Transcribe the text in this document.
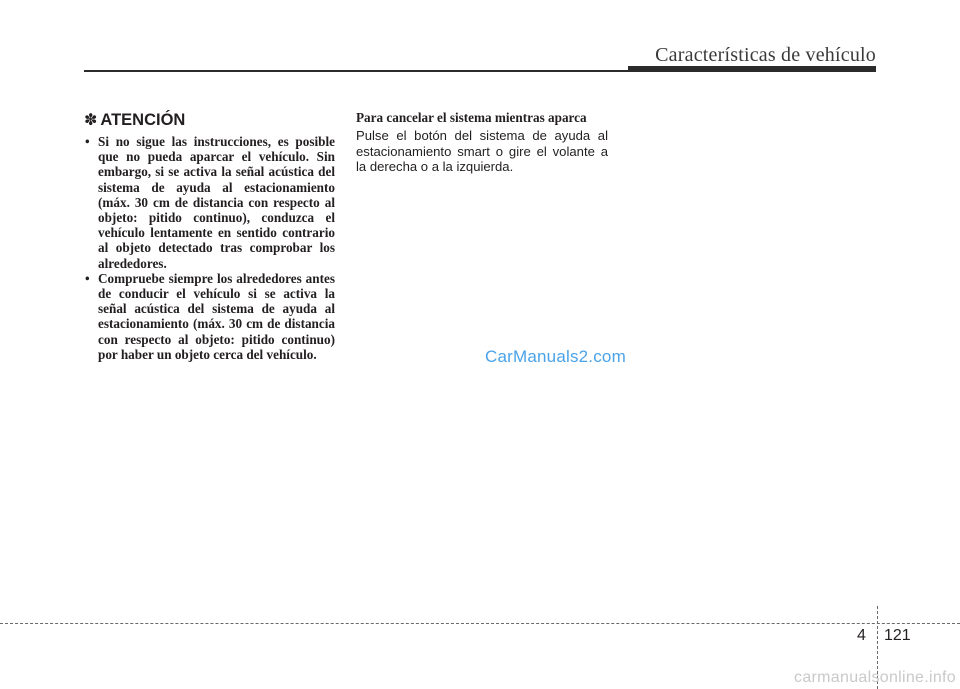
Características de vehículo
✽ ATENCIÓN
• Si no sigue las instrucciones, es posible que no pueda aparcar el vehículo. Sin embargo, si se activa la señal acústica del sistema de ayuda al estacionamiento (máx. 30 cm de distancia con respecto al objeto: pitido continuo), conduzca el vehículo lentamente en sentido contrario al objeto detectado tras comprobar los alrededores.
• Compruebe siempre los alrededores antes de conducir el vehículo si se activa la señal acústica del sistema de ayuda al estacionamiento (máx. 30 cm de distancia con respecto al objeto: pitido continuo) por haber un objeto cerca del vehículo.
Para cancelar el sistema mientras aparca

Pulse el botón del sistema de ayuda al estacionamiento smart o gire el volante a la derecha o a la izquierda.

CarManuals2.com
4 121
carmanualsonline.info
